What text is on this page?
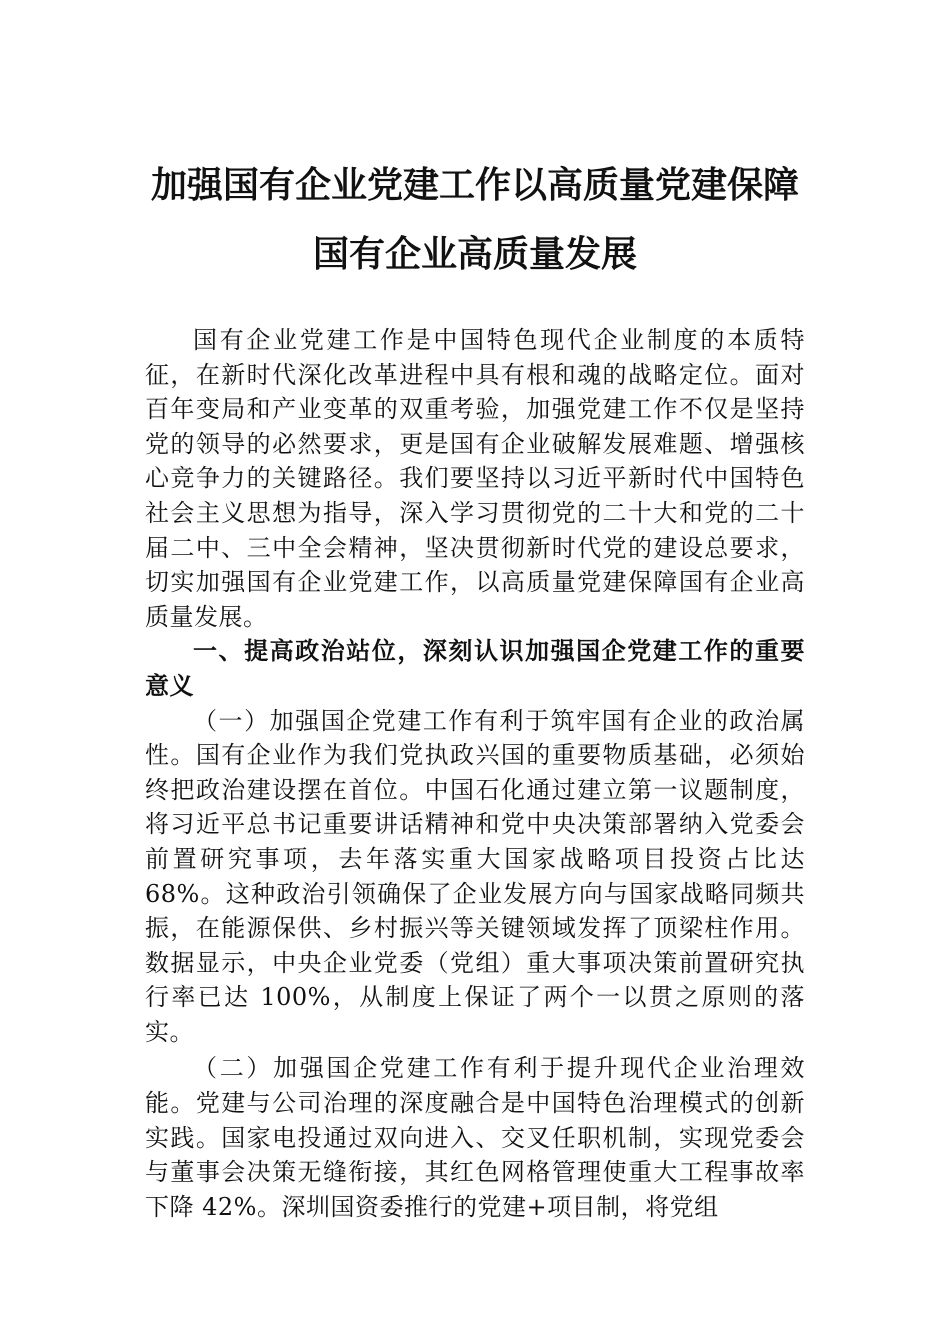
加强国有企业党建工作以高质量党建保障
国有企业高质量发展

国有企业党建工作是中国特色现代企业制度的本质特征，在新时代深化改革进程中具有根和魂的战略定位。面对百年变局和产业变革的双重考验，加强党建工作不仅是坚持党的领导的必然要求，更是国有企业破解发展难题、增强核心竞争力的关键路径。我们要坚持以习近平新时代中国特色社会主义思想为指导，深入学习贯彻党的二十大和党的二十届二中、三中全会精神，坚决贯彻新时代党的建设总要求，切实加强国有企业党建工作，以高质量党建保障国有企业高质量发展。

一、提高政治站位，深刻认识加强国企党建工作的重要意义

（一）加强国企党建工作有利于筑牢国有企业的政治属性。国有企业作为我们党执政兴国的重要物质基础，必须始终把政治建设摆在首位。中国石化通过建立第一议题制度，将习近平总书记重要讲话精神和党中央决策部署纳入党委会前置研究事项，去年落实重大国家战略项目投资占比达 68%。这种政治引领确保了企业发展方向与国家战略同频共振，在能源保供、乡村振兴等关键领域发挥了顶梁柱作用。数据显示，中央企业党委（党组）重大事项决策前置研究执行率已达 100%，从制度上保证了两个一以贯之原则的落实。

（二）加强国企党建工作有利于提升现代企业治理效能。党建与公司治理的深度融合是中国特色治理模式的创新实践。国家电投通过双向进入、交叉任职机制，实现党委会与董事会决策无缝衔接，其红色网格管理使重大工程事故率下降 42%。深圳国资委推行的党建+项目制，将党组
